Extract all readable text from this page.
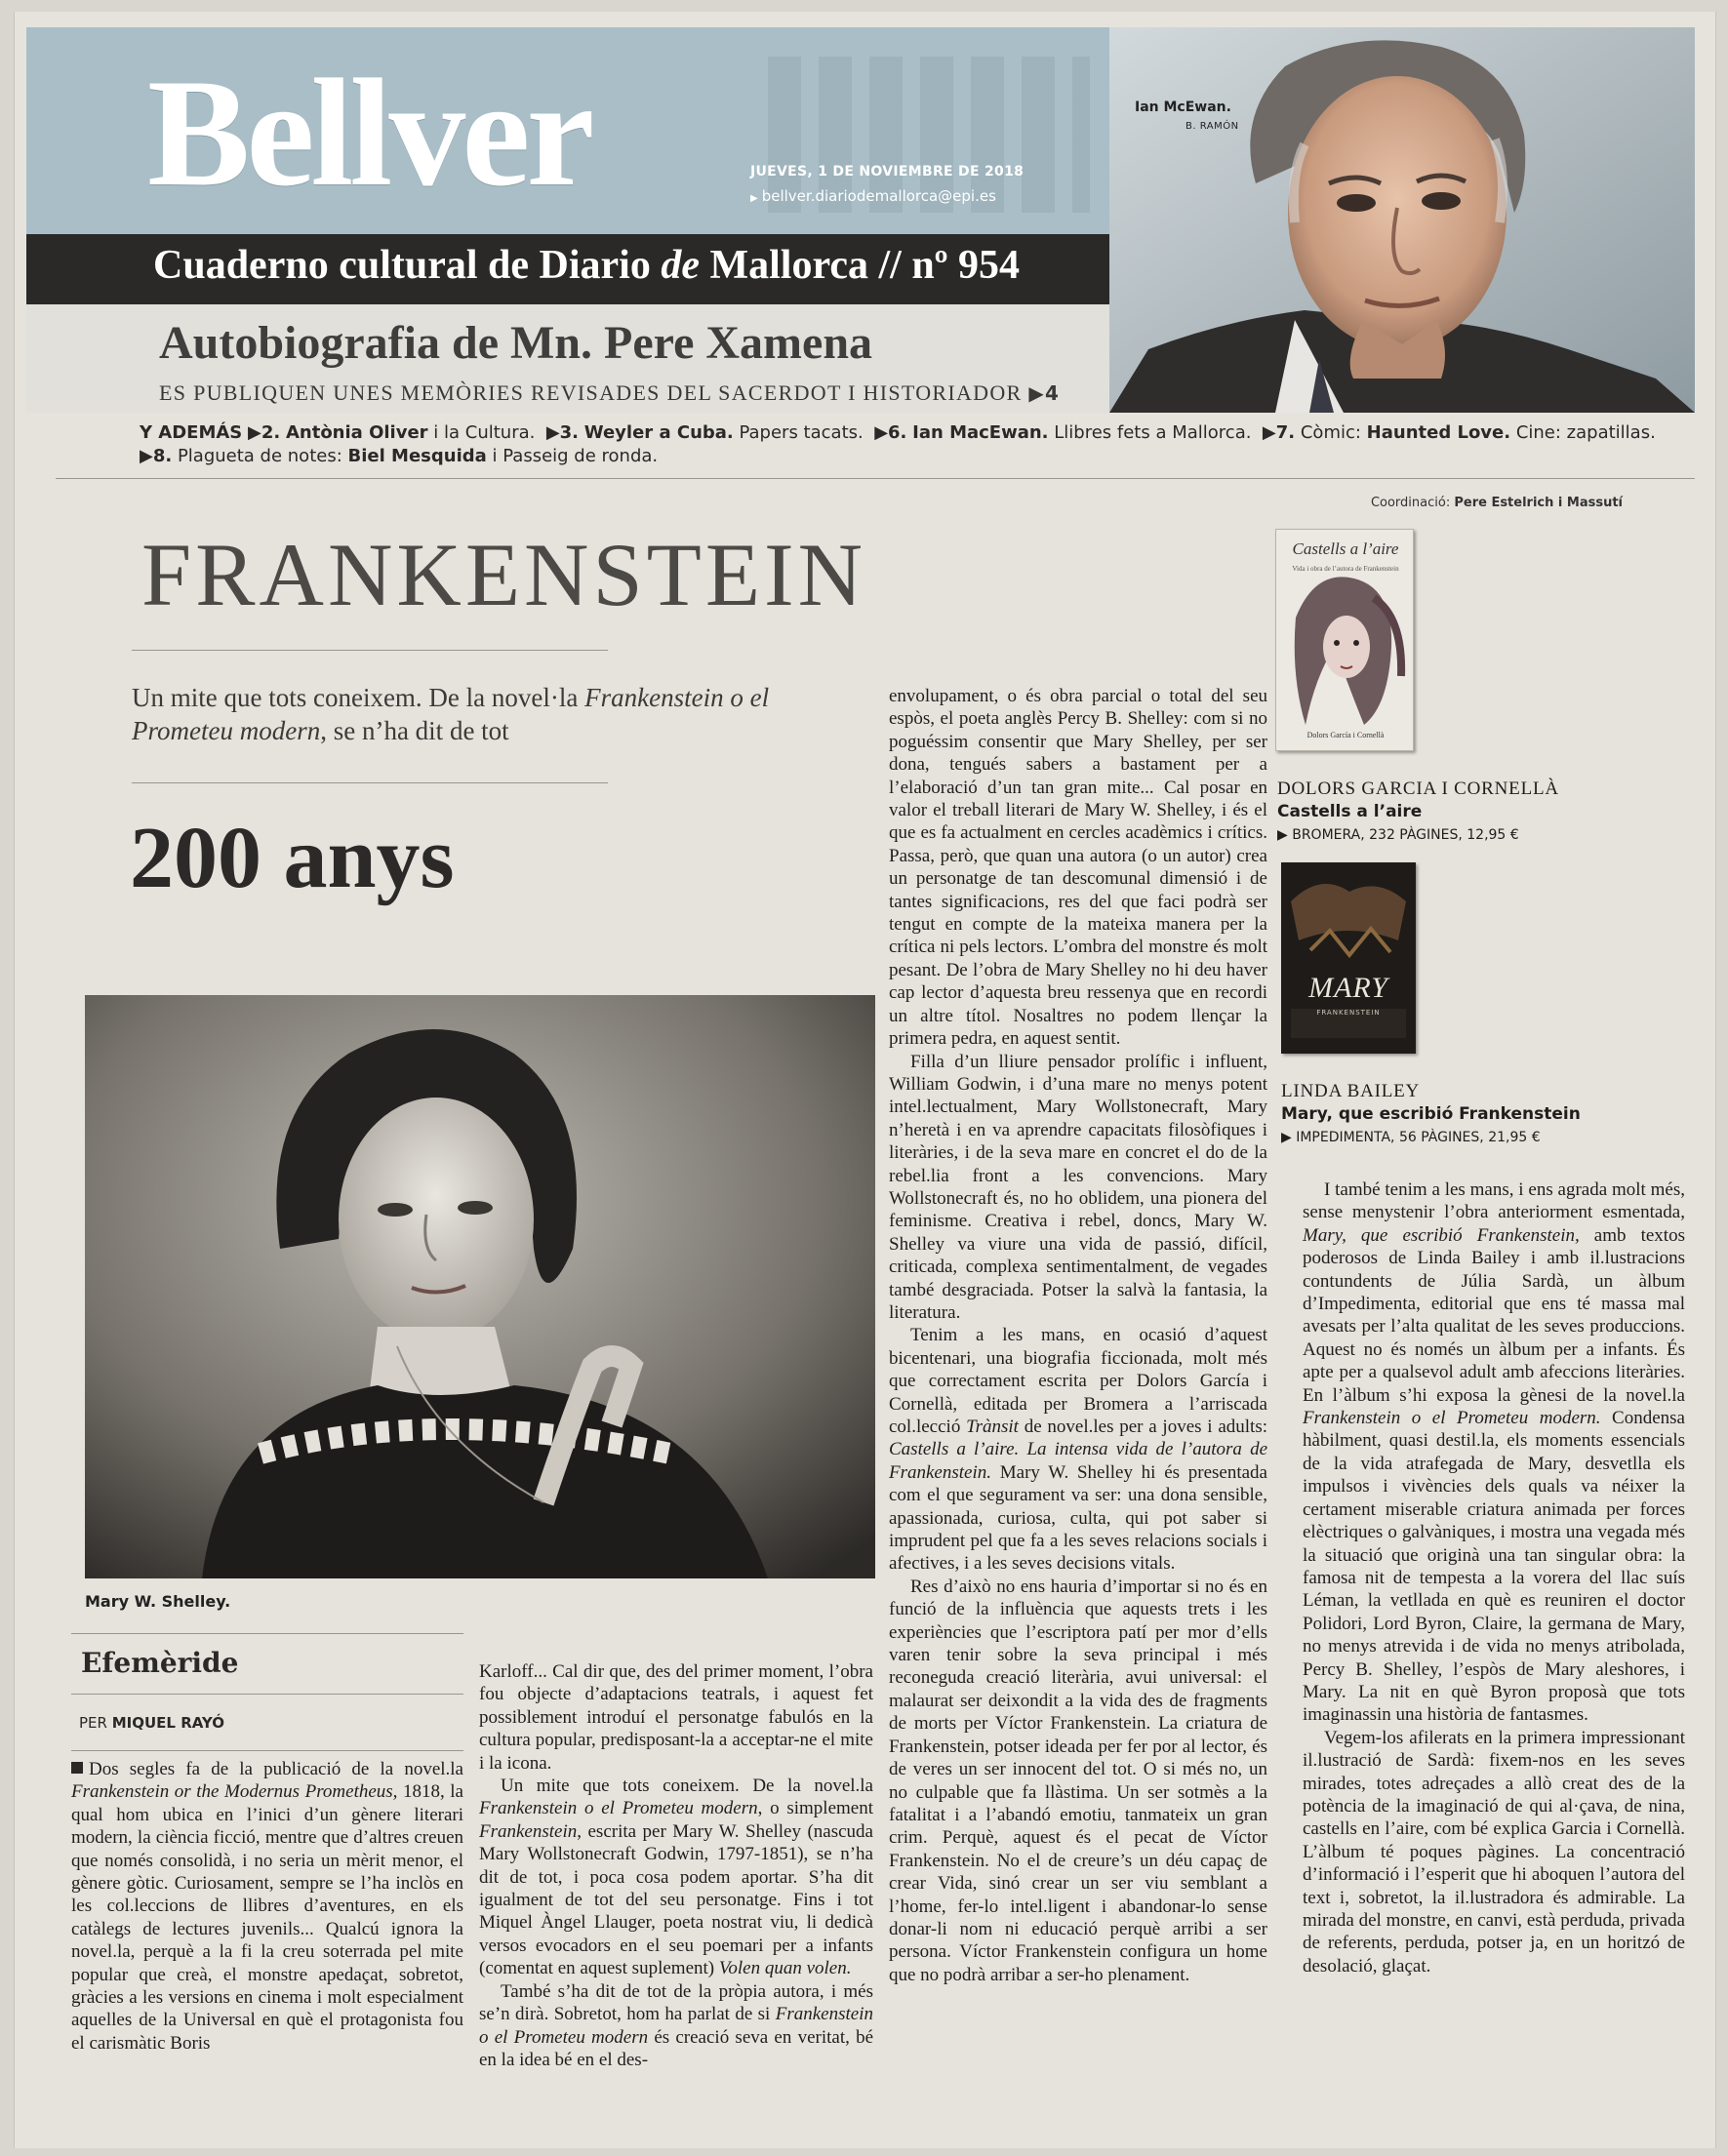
Bellver	JUEVES, 1 DE NOVIEMBRE DE 2018
▶ bellver.diariodemallorca@epi.es
Ian McEwan.
B. RAMÓN
Cuaderno cultural de Diario de Mallorca // nº 954
Autobiografia de Mn. Pere Xamena
ES PUBLIQUEN UNES MEMÒRIES REVISADES DEL SACERDOT I HISTORIADOR ▶4
Y ADEMÁS ▶2. Antònia Oliver i la Cultura. ▶3. Weyler a Cuba. Papers tacats. ▶6. Ian MacEwan. Llibres fets a Mallorca. ▶7. Còmic: Haunted Love. Cine: zapatillas.
▶8. Plagueta de notes: Biel Mesquida i Passeig de ronda.
Coordinació: Pere Estelrich i Massutí
FRANKENSTEIN
Un mite que tots coneixem. De la novel·la Frankenstein o el Prometeu modern, se n’ha dit de tot
200 anys
Mary W. Shelley.
Efemèride
PER MIQUEL RAYÓ

Dos segles fa de la publicació de la novel.la Frankenstein or the Modernus Prometheus, 1818, la qual hom ubica en l’inici d’un gènere literari modern, la ciència ficció, mentre que d’altres creuen que només consolidà, i no seria un mèrit menor, el gènere gòtic. Curiosament, sempre se l’ha inclòs en les col.leccions de llibres d’aventures, en els catàlegs de lectures juvenils... Qualcú ignora la novel.la, perquè a la fi la creu soterrada pel mite popular que creà, el monstre apedaçat, sobretot, gràcies a les versions en cinema i molt especialment aquelles de la Universal en què el protagonista fou el carismàtic Boris

Karloff... Cal dir que, des del primer moment, l’obra fou objecte d’adaptacions teatrals, i aquest fet possiblement introduí el personatge fabulós en la cultura popular, predisposant-la a acceptar-ne el mite i la icona.

Un mite que tots coneixem. De la novel.la Frankenstein o el Prometeu modern, o simplement Frankenstein, escrita per Mary W. Shelley (nascuda Mary Wollstonecraft Godwin, 1797-1851), se n’ha dit de tot, i poca cosa podem aportar. S’ha dit igualment de tot del seu personatge. Fins i tot Miquel Àngel Llauger, poeta nostrat viu, li dedicà versos evocadors en el seu poemari per a infants (comentat en aquest suplement) Volen quan volen.

També s’ha dit de tot de la pròpia autora, i més se’n dirà. Sobretot, hom ha parlat de si Frankenstein o el Prometeu modern és creació seva en veritat, bé en la idea bé en el des-

envolupament, o és obra parcial o total del seu espòs, el poeta anglès Percy B. Shelley: com si no poguéssim consentir que Mary Shelley, per ser dona, tengués sabers a bastament per a l’elaboració d’un tan gran mite... Cal posar en valor el treball literari de Mary W. Shelley, i és el que es fa actualment en cercles acadèmics i crítics. Passa, però, que quan una autora (o un autor) crea un personatge de tan descomunal dimensió i de tantes significacions, res del que faci podrà ser tengut en compte de la mateixa manera per la crítica ni pels lectors. L’ombra del monstre és molt pesant. De l’obra de Mary Shelley no hi deu haver cap lector d’aquesta breu ressenya que en recordi un altre títol. Nosaltres no podem llençar la primera pedra, en aquest sentit.

Filla d’un lliure pensador prolífic i influent, William Godwin, i d’una mare no menys potent intel.lectualment, Mary Wollstonecraft, Mary n’heretà i en va aprendre capacitats filosòfiques i literàries, i de la seva mare en concret el do de la rebel.lia front a les convencions. Mary Wollstonecraft és, no ho oblidem, una pionera del feminisme. Creativa i rebel, doncs, Mary W. Shelley va viure una vida de passió, difícil, criticada, complexa sentimentalment, de vegades també desgraciada. Potser la salvà la fantasia, la literatura.

Tenim a les mans, en ocasió d’aquest bicentenari, una biografia ficcionada, molt més que correctament escrita per Dolors García i Cornellà, editada per Bromera a l’arriscada col.lecció Trànsit de novel.les per a joves i adults: Castells a l’aire. La intensa vida de l’autora de Frankenstein. Mary W. Shelley hi és presentada com el que segurament va ser: una dona sensible, apassionada, curiosa, culta, qui pot saber si imprudent pel que fa a les seves relacions socials i afectives, i a les seves decisions vitals.

Res d’això no ens hauria d’importar si no és en funció de la influència que aquests trets i les experiències que l’escriptora patí per mor d’ells varen tenir sobre la seva principal i més reconeguda creació literària, avui universal: el malaurat ser deixondit a la vida des de fragments de morts per Víctor Frankenstein. La criatura de Frankenstein, potser ideada per fer por al lector, és de veres un ser innocent del tot. O si més no, un no culpable que fa llàstima. Un ser sotmès a la fatalitat i a l’abandó emotiu, tanmateix un gran crim. Perquè, aquest és el pecat de Víctor Frankenstein. No el de creure’s un déu capaç de crear Vida, sinó crear un ser viu semblant a l’home, fer-lo intel.ligent i abandonar-lo sense donar-li nom ni educació perquè arribi a ser persona. Víctor Frankenstein configura un home que no podrà arribar a ser-ho plenament.

Castells a l’aire
Vida i obra de l’autora de Frankenstein
Dolors García i Cornellà
DOLORS GARCIA I CORNELLÀ
Castells a l’aire
▶ BROMERA, 232 PÀGINES, 12,95 €
MARY
FRANKENSTEIN
LINDA BAILEY
Mary, que escribió Frankenstein
▶ IMPEDIMENTA, 56 PÀGINES, 21,95 €

I també tenim a les mans, i ens agrada molt més, sense menystenir l’obra anteriorment esmentada, Mary, que escribió Frankenstein, amb textos poderosos de Linda Bailey i amb il.lustracions contundents de Júlia Sardà, un àlbum d’Impedimenta, editorial que ens té massa mal avesats per l’alta qualitat de les seves produccions. Aquest no és només un àlbum per a infants. És apte per a qualsevol adult amb afeccions literàries. En l’àlbum s’hi exposa la gènesi de la novel.la Frankenstein o el Prometeu modern. Condensa hàbilment, quasi destil.la, els moments essencials de la vida atrafegada de Mary, desvetlla els impulsos i vivències dels quals va néixer la certament miserable criatura animada per forces elèctriques o galvàniques, i mostra una vegada més la situació que originà una tan singular obra: la famosa nit de tempesta a la vorera del llac suís Léman, la vetllada en què es reuniren el doctor Polidori, Lord Byron, Claire, la germana de Mary, no menys atrevida i de vida no menys atribolada, Percy B. Shelley, l’espòs de Mary aleshores, i Mary. La nit en què Byron proposà que tots imaginassin una història de fantasmes.

Vegem-los afilerats en la primera impressionant il.lustració de Sardà: fixem-nos en les seves mirades, totes adreçades a allò creat des de la potència de la imaginació de qui al·çava, de nina, castells en l’aire, com bé explica Garcia i Cornellà. L’àlbum té poques pàgines. La concentració d’informació i l’esperit que hi aboquen l’autora del text i, sobretot, la il.lustradora és admirable. La mirada del monstre, en canvi, està perduda, privada de referents, perduda, potser ja, en un horitzó de desolació, glaçat.
